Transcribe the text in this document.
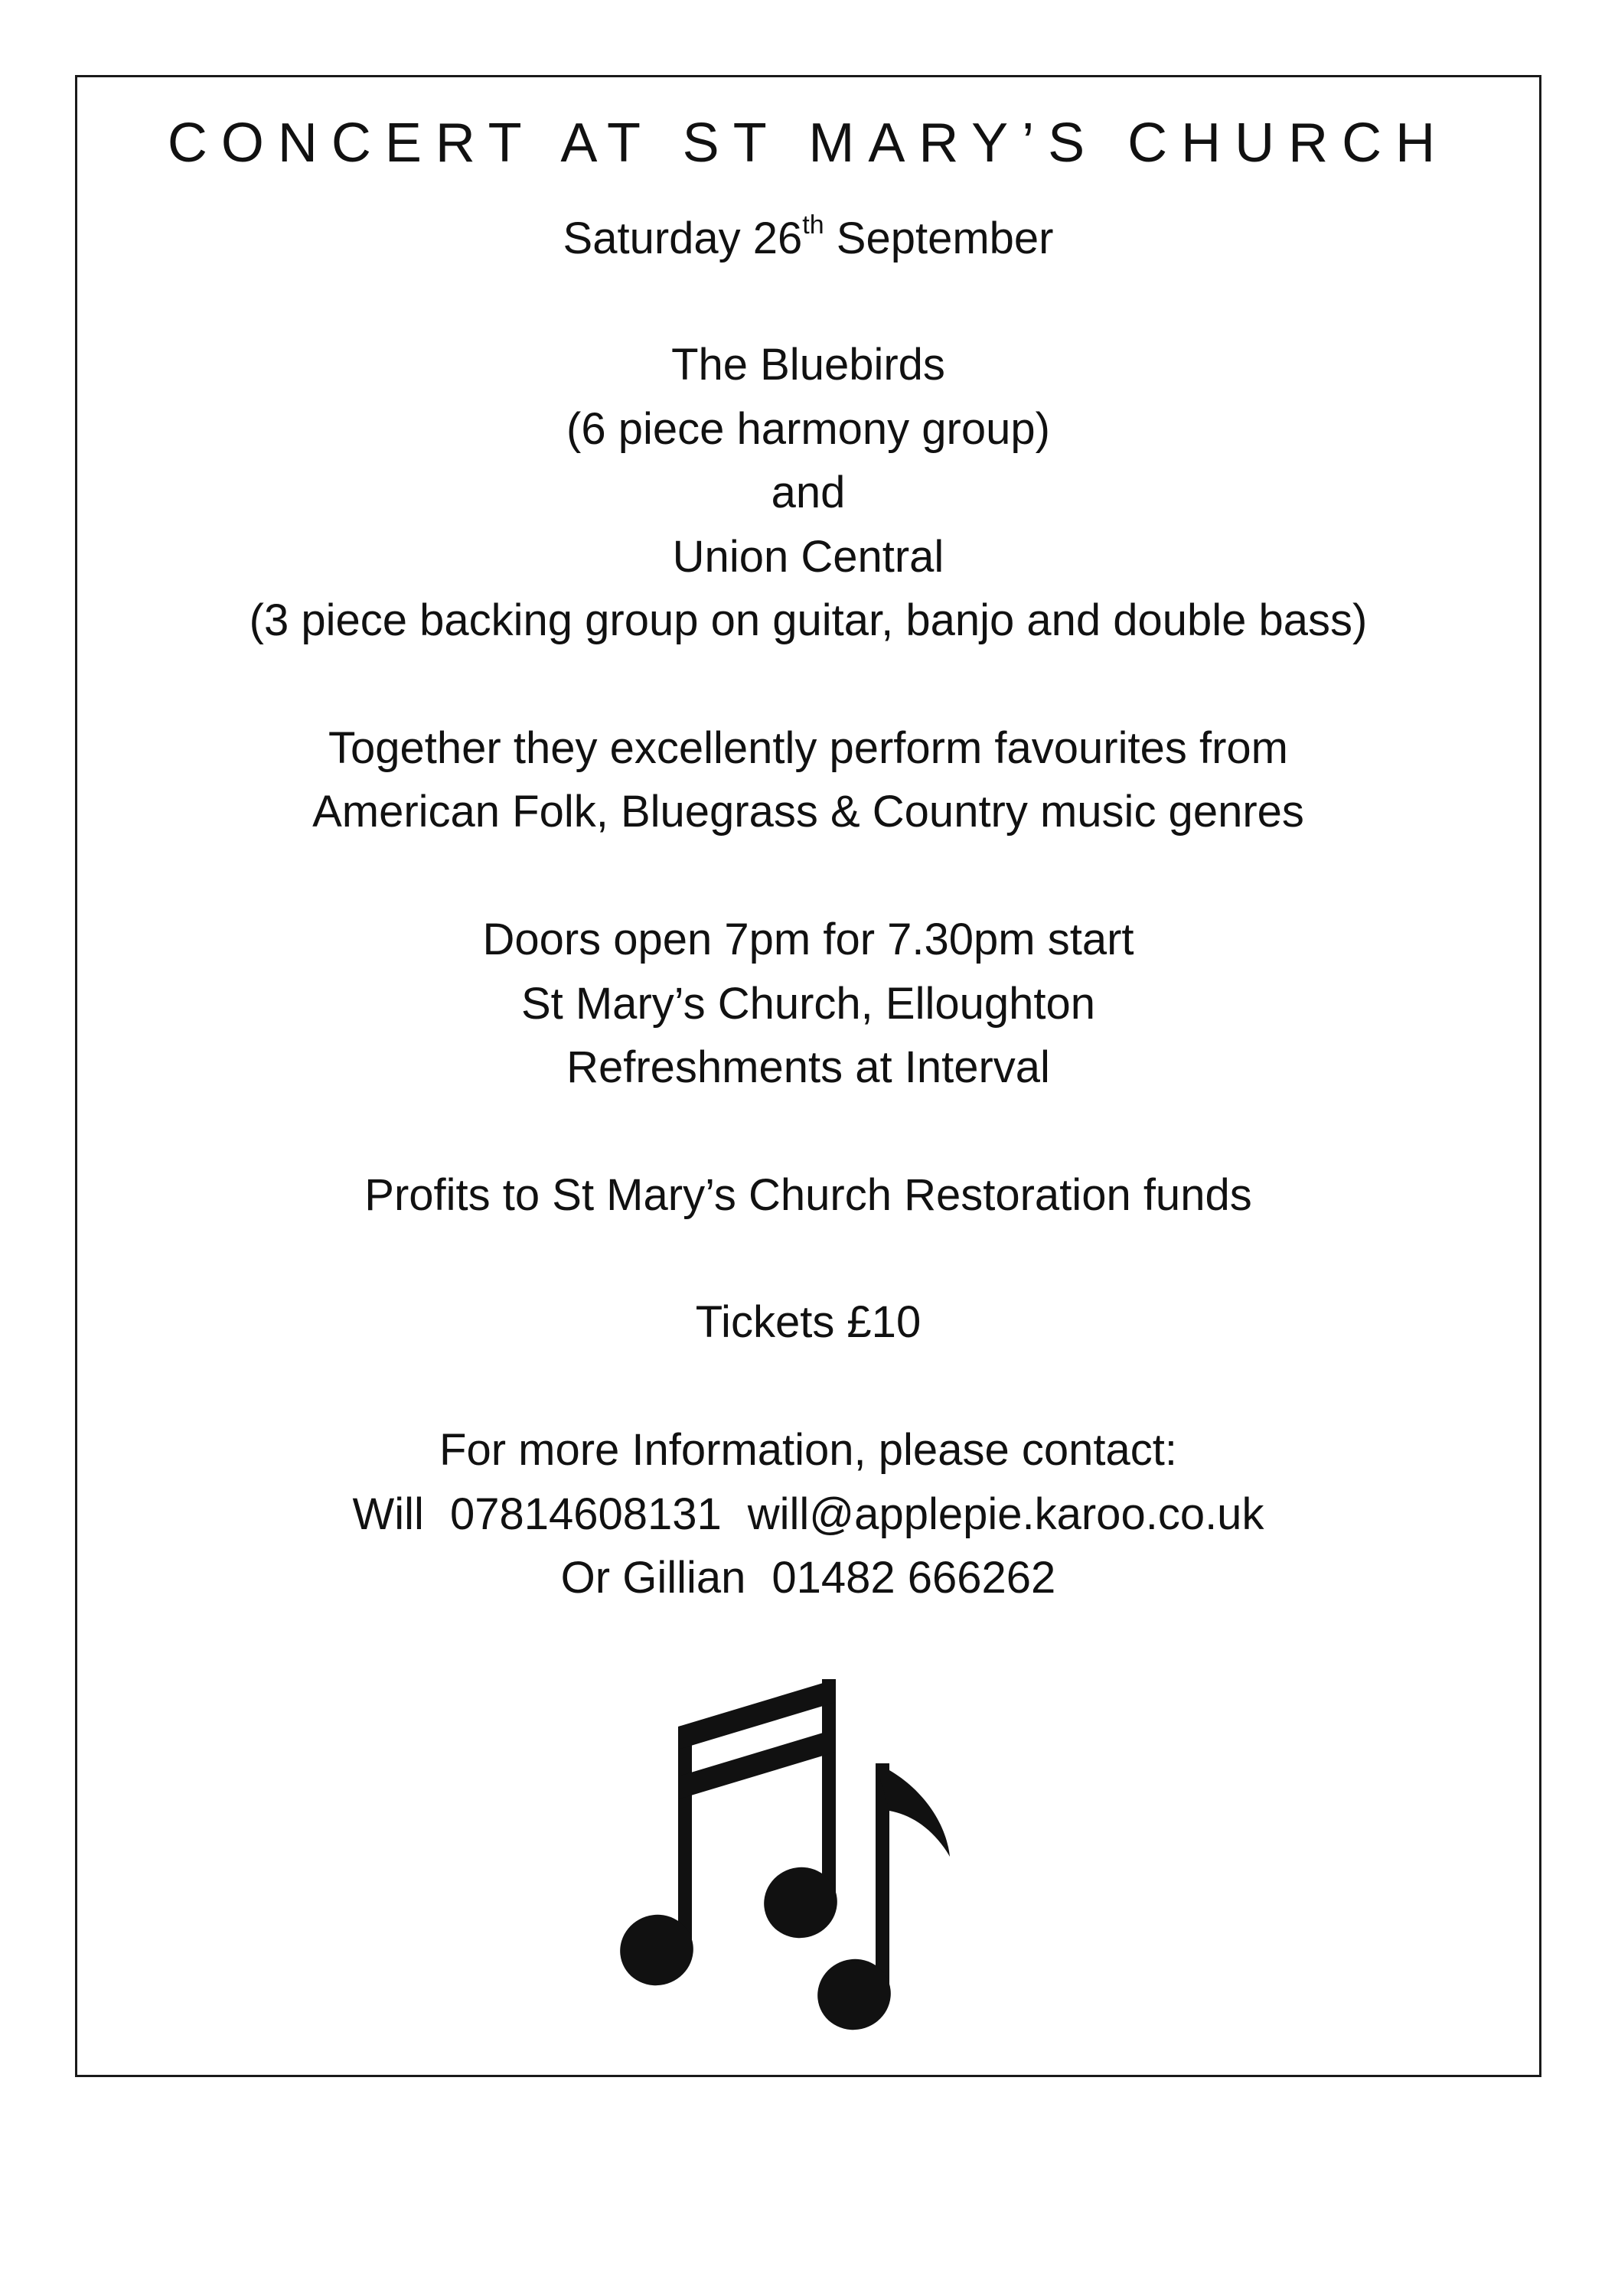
CONCERT AT ST MARY’S CHURCH
Saturday 26th September
The Bluebirds
(6 piece harmony group)
and
Union Central
(3 piece backing group on guitar, banjo and double bass)
Together they excellently perform favourites from
American Folk, Bluegrass & Country music genres
Doors open 7pm for 7.30pm start
St Mary’s Church, Elloughton
Refreshments at Interval
Profits to St Mary’s Church Restoration funds
Tickets £10
For more Information, please contact:
Will 07814608131 will@applepie.karoo.co.uk
Or Gillian 01482 666262
